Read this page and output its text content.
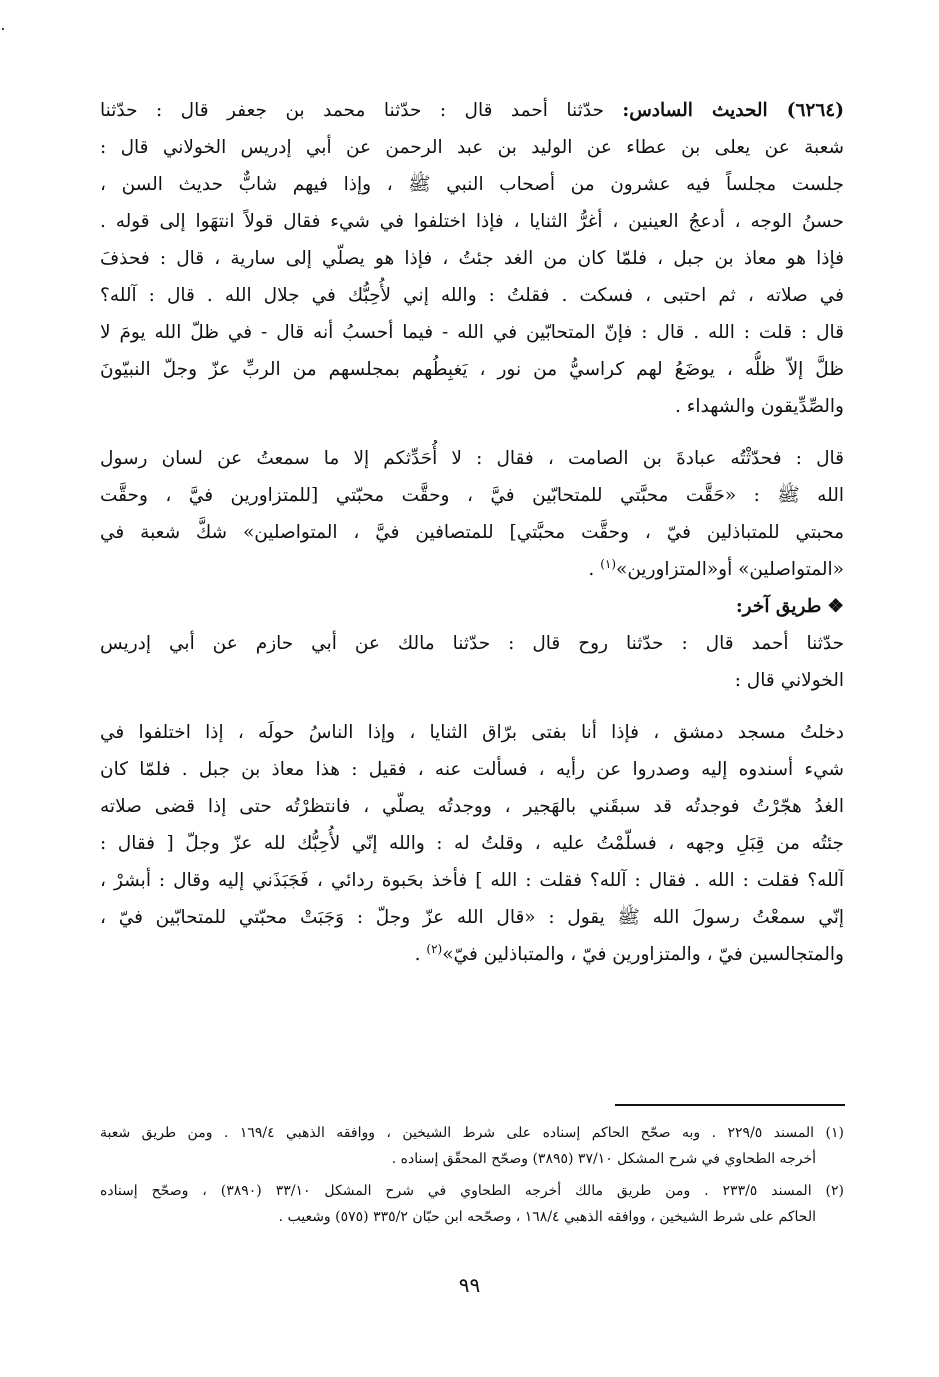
(٦٢٦٤) الحديث السادس: حدّثنا أحمد قال : حدّثنا محمد بن جعفر قال : حدّثنا
شعبة عن يعلى بن عطاء عن الوليد بن عبد الرحمن عن أبي إدريس الخولاني قال :
جلست مجلساً فيه عشرون من أصحاب النبي ﷺ ، وإذا فيهم شابٌّ حديث السن ،
حسنُ الوجه ، أدعجُ العينين ، أغرُّ الثنايا ، فإذا اختلفوا في شيء فقال قولاً انتهَوا إلى قوله .
فإذا هو معاذ بن جبل ، فلمّا كان من الغد جئتُ ، فإذا هو يصلّي إلى سارية ، قال : فحذفَ
في صلاته ، ثم احتبى ، فسكت . فقلتُ : والله إني لأُحِبُّك في جلال الله . قال : آلله؟
قال : قلت : الله . قال : فإنّ المتحابّين في الله - فيما أحسبُ أنه قال - في ظلّ الله يومَ لا
ظلَّ إلاّ ظلُّه ، يوضَعُ لهم كراسيُّ من نور ، يَغبِطُهم بمجلسهم من الربِّ عزّ وجلّ النبيّونَ
والصِّدِّيقون والشهداء .
قال : فحدّثْتُه عبادةَ بن الصامت ، فقال : لا أُحَدِّثكم إلا ما سمعتُ عن لسان رسول
الله ﷺ : «حَقَّت محبَّتي للمتحابّين فيَّ ، وحقَّت محبّتي [للمتزاورين فيَّ ، وحقَّت
محبتي للمتباذلين فيّ ، وحقَّت محبَّتي] للمتصافين فيَّ ، المتواصلين» شكَّ شعبة في
«المتواصلين» أو«المتزاورين»$^{(١)}$ .
❖طريق آخر:
حدّثنا أحمد قال : حدّثنا روح قال : حدّثنا مالك عن أبي حازم عن أبي إدريس
الخولاني قال :
دخلتُ مسجد دمشق ، فإذا أنا بفتى برّاق الثنايا ، وإذا الناسُ حولَه ، إذا اختلفوا في
شيء أسندوه إليه وصدروا عن رأيه ، فسألت عنه ، فقيل : هذا معاذ بن جبل . فلمّا كان
الغدُ هجّرْتُ فوجدتُه قد سبقَني بالهَجير ، ووجدتُه يصلّي ، فانتظرْتُه حتى إذا قضى صلاته
جئتُه من قِبَلِ وجهه ، فسلّمْتُ عليه ، وقلتُ له : والله إنّي لأُحِبُّك لله عزّ وجلّ [ فقال :
آلله؟ فقلت : الله . فقال : آلله؟ فقلت : الله ] فأخذ بحَبوة ردائي ، فَجَبَذَني إليه وقال : أبشرْ ،
إنّي سمعْتُ رسولَ الله ﷺ يقول : «قال الله عزّ وجلّ : وَجَبَتْ محبّتي للمتحابّين فيّ ،
والمتجالسين فيّ ، والمتزاورين فيّ ، والمتباذلين فيّ»$^{(٢)}$ .
(١) المسند ٢٢٩/٥ . وبه صحّح الحاكم إسناده على شرط الشيخين ، ووافقه الذهبي ١٦٩/٤ . ومن طريق شعبة
أخرجه الطحاوي في شرح المشكل ٣٧/١٠ (٣٨٩٥) وصحّح المحقّق إسناده .
(٢) المسند ٢٣٣/٥ . ومن طريق مالك أخرجه الطحاوي في شرح المشكل ٣٣/١٠ (٣٨٩٠) ، وصحّح إسناده
الحاكم على شرط الشيخين ، ووافقه الذهبي ١٦٨/٤ ، وصحّحه ابن حبّان ٣٣٥/٢ (٥٧٥) وشعيب .
٩٩
